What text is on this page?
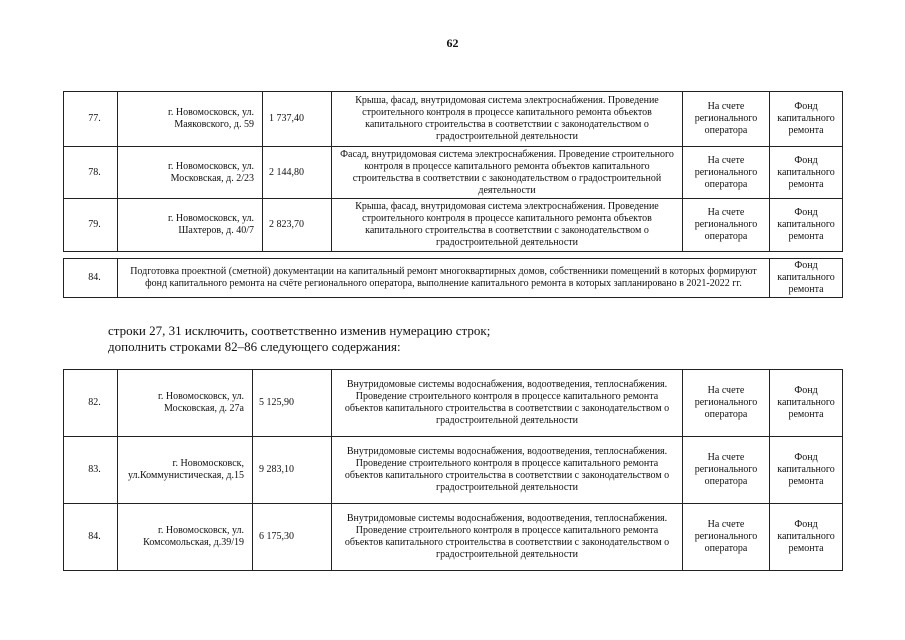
62
77.	г. Новомосковск, ул. Маяковского, д. 59	1 737,40	Крыша, фасад, внутридомовая система электроснабжения. Проведение строительного контроля в процессе капитального ремонта объектов капитального строительства в соответствии с законодательством о градостроительной деятельности	На счете регионального оператора	Фонд капитального ремонта
78.	г. Новомосковск, ул. Московская, д. 2/23	2 144,80	Фасад, внутридомовая система электроснабжения. Проведение строительного контроля в процессе капитального ремонта объектов капитального строительства в соответствии с законодательством о градостроительной деятельности	На счете регионального оператора	Фонд капитального ремонта
79.	г. Новомосковск, ул. Шахтеров, д. 40/7	2 823,70	Крыша, фасад, внутридомовая система электроснабжения. Проведение строительного контроля в процессе капитального ремонта объектов капитального строительства в соответствии с законодательством о градостроительной деятельности	На счете регионального оператора	Фонд капитального ремонта
84.	Подготовка проектной (сметной) документации на капитальный ремонт многоквартирных домов, собственники помещений в которых формируют фонд капитального ремонта на счёте регионального оператора, выполнение капитального ремонта в которых запланировано в 2021-2022 гг.	Фонд капитального ремонта
строки 27, 31 исключить, соответственно изменив нумерацию строк;
дополнить строками 82–86 следующего содержания:
82.	г. Новомосковск, ул. Московская, д. 27а	5 125,90	Внутридомовые системы водоснабжения, водоотведения, теплоснабжения. Проведение строительного контроля в процессе капитального ремонта объектов капитального строительства в соответствии с законодательством о градостроительной деятельности	На счете регионального оператора	Фонд капитального ремонта
83.	г. Новомосковск, ул.Коммунистическая, д.15	9 283,10	Внутридомовые системы водоснабжения, водоотведения, теплоснабжения. Проведение строительного контроля в процессе капитального ремонта объектов капитального строительства в соответствии с законодательством о градостроительной деятельности	На счете регионального оператора	Фонд капитального ремонта
84.	г. Новомосковск, ул. Комсомольская, д.39/19	6 175,30	Внутридомовые системы водоснабжения, водоотведения, теплоснабжения. Проведение строительного контроля в процессе капитального ремонта объектов капитального строительства в соответствии с законодательством о градостроительной деятельности	На счете регионального оператора	Фонд капитального ремонта
